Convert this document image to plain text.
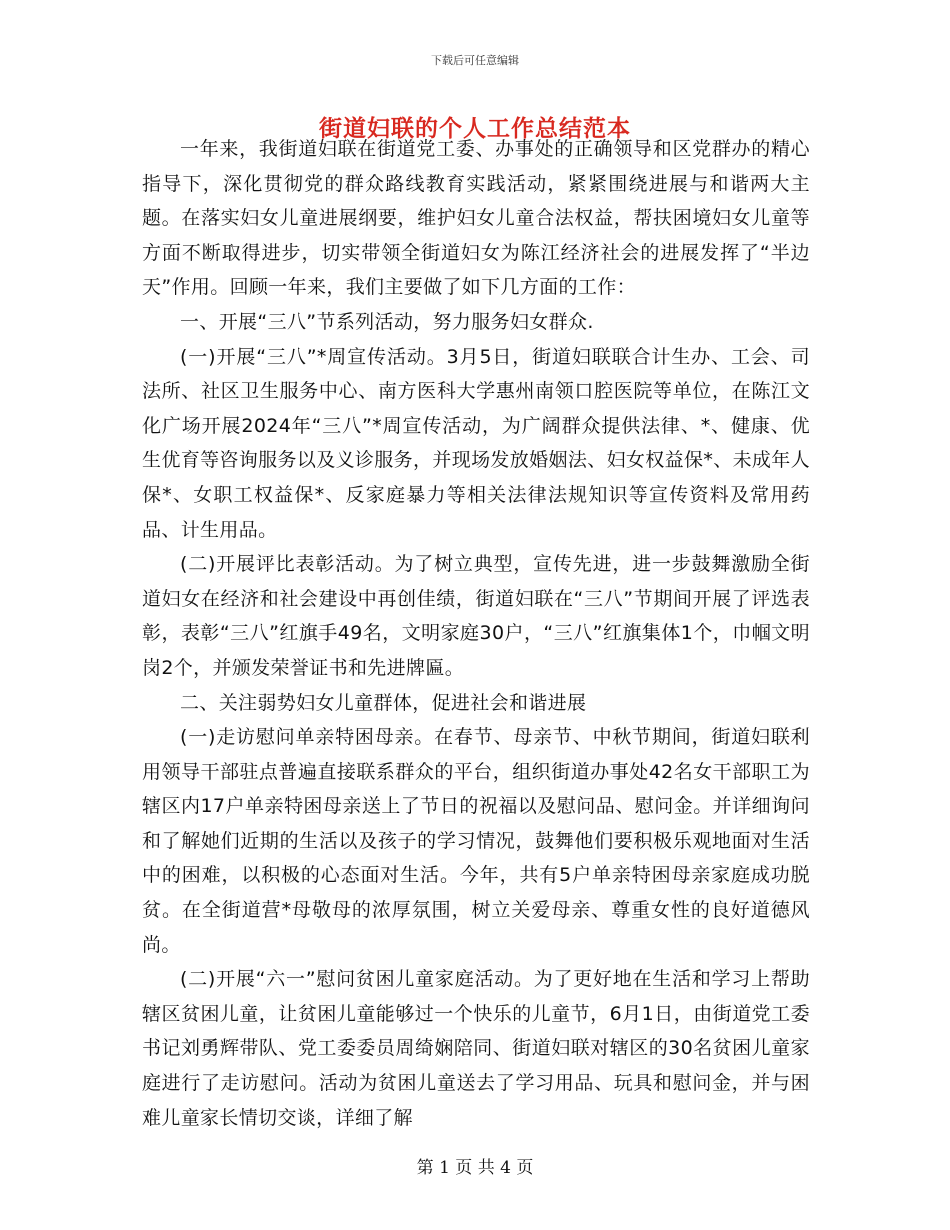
下载后可任意编辑
街道妇联的个人工作总结范本

一年来，我街道妇联在街道党工委、办事处的正确领导和区党群办的精心指导下，深化贯彻党的群众路线教育实践活动，紧紧围绕进展与和谐两大主题。在落实妇女儿童进展纲要，维护妇女儿童合法权益，帮扶困境妇女儿童等方面不断取得进步，切实带领全街道妇女为陈江经济社会的进展发挥了“半边天”作用。回顾一年来，我们主要做了如下几方面的工作：

一、开展“三八”节系列活动，努力服务妇女群众.

(一)开展“三八”*周宣传活动。3月5日，街道妇联联合计生办、工会、司法所、社区卫生服务中心、南方医科大学惠州南领口腔医院等单位，在陈江文化广场开展2024年“三八”*周宣传活动，为广阔群众提供法律、*、健康、优生优育等咨询服务以及义诊服务，并现场发放婚姻法、妇女权益保*、未成年人保*、女职工权益保*、反家庭暴力等相关法律法规知识等宣传资料及常用药品、计生用品。

(二)开展评比表彰活动。为了树立典型，宣传先进，进一步鼓舞激励全街道妇女在经济和社会建设中再创佳绩，街道妇联在“三八”节期间开展了评选表彰，表彰“三八”红旗手49名，文明家庭30户，“三八”红旗集体1个，巾帼文明岗2个，并颁发荣誉证书和先进牌匾。

二、关注弱势妇女儿童群体，促进社会和谐进展

(一)走访慰问单亲特困母亲。在春节、母亲节、中秋节期间，街道妇联利用领导干部驻点普遍直接联系群众的平台，组织街道办事处42名女干部职工为辖区内17户单亲特困母亲送上了节日的祝福以及慰问品、慰问金。并详细询问和了解她们近期的生活以及孩子的学习情况，鼓舞他们要积极乐观地面对生活中的困难，以积极的心态面对生活。今年，共有5户单亲特困母亲家庭成功脱贫。在全街道营*母敬母的浓厚氛围，树立关爱母亲、尊重女性的良好道德风尚。

(二)开展“六一”慰问贫困儿童家庭活动。为了更好地在生活和学习上帮助辖区贫困儿童，让贫困儿童能够过一个快乐的儿童节，6月1日，由街道党工委书记刘勇辉带队、党工委委员周绮娴陪同、街道妇联对辖区的30名贫困儿童家庭进行了走访慰问。活动为贫困儿童送去了学习用品、玩具和慰问金，并与困难儿童家长情切交谈，详细了解

第 1 页 共 4 页
